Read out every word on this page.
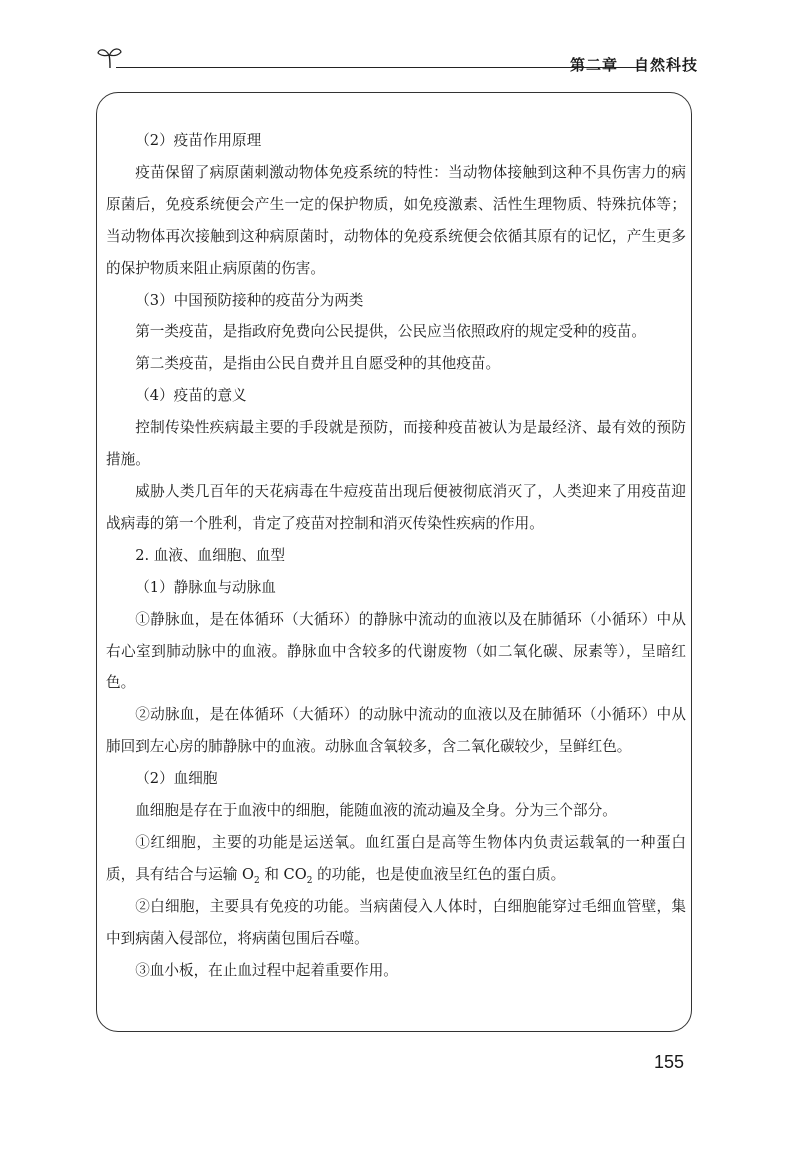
第二章 自然科技

（2）疫苗作用原理

疫苗保留了病原菌刺激动物体免疫系统的特性：当动物体接触到这种不具伤害力的病原菌后，免疫系统便会产生一定的保护物质，如免疫激素、活性生理物质、特殊抗体等；当动物体再次接触到这种病原菌时，动物体的免疫系统便会依循其原有的记忆，产生更多的保护物质来阻止病原菌的伤害。

（3）中国预防接种的疫苗分为两类

第一类疫苗，是指政府免费向公民提供，公民应当依照政府的规定受种的疫苗。

第二类疫苗，是指由公民自费并且自愿受种的其他疫苗。

（4）疫苗的意义

控制传染性疾病最主要的手段就是预防，而接种疫苗被认为是最经济、最有效的预防措施。

威胁人类几百年的天花病毒在牛痘疫苗出现后便被彻底消灭了，人类迎来了用疫苗迎战病毒的第一个胜利，肯定了疫苗对控制和消灭传染性疾病的作用。

2. 血液、血细胞、血型

（1）静脉血与动脉血

①静脉血，是在体循环（大循环）的静脉中流动的血液以及在肺循环（小循环）中从右心室到肺动脉中的血液。静脉血中含较多的代谢废物（如二氧化碳、尿素等），呈暗红色。

②动脉血，是在体循环（大循环）的动脉中流动的血液以及在肺循环（小循环）中从肺回到左心房的肺静脉中的血液。动脉血含氧较多，含二氧化碳较少，呈鲜红色。

（2）血细胞

血细胞是存在于血液中的细胞，能随血液的流动遍及全身。分为三个部分。

①红细胞，主要的功能是运送氧。血红蛋白是高等生物体内负责运载氧的一种蛋白质，具有结合与运输 $O_2$ 和 $CO_2$ 的功能，也是使血液呈红色的蛋白质。

②白细胞，主要具有免疫的功能。当病菌侵入人体时，白细胞能穿过毛细血管壁，集中到病菌入侵部位，将病菌包围后吞噬。

③血小板，在止血过程中起着重要作用。

155
